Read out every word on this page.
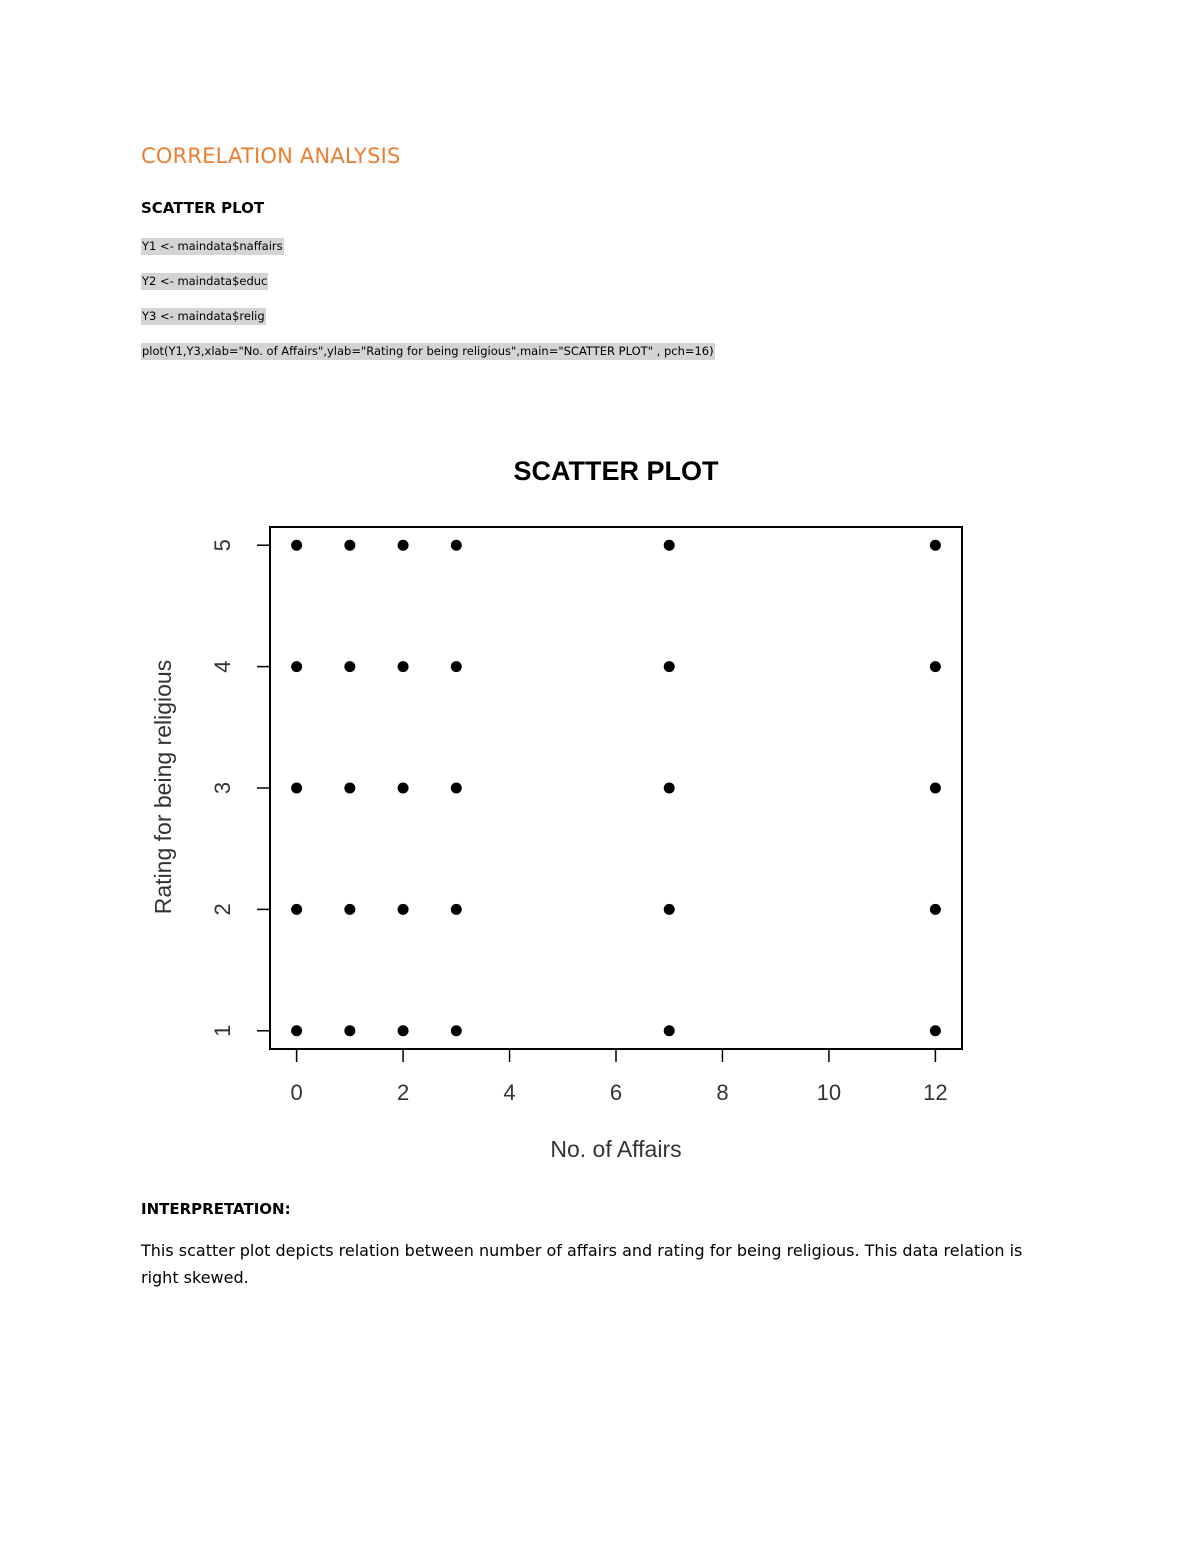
CORRELATION ANALYSIS
SCATTER PLOT
Y1 <- maindata$naffairs
Y2 <- maindata$educ
Y3 <- maindata$relig
plot(Y1,Y3,xlab="No. of Affairs",ylab="Rating for being religious",main="SCATTER PLOT" , pch=16)
SCATTER PLOT
0	2	4	6	8	10	12
1
2
3
4
5
No. of Affairs
Rating for being religious
INTERPRETATION:
This scatter plot depicts relation between number of affairs and rating for being religious. This data relation is right skewed.
